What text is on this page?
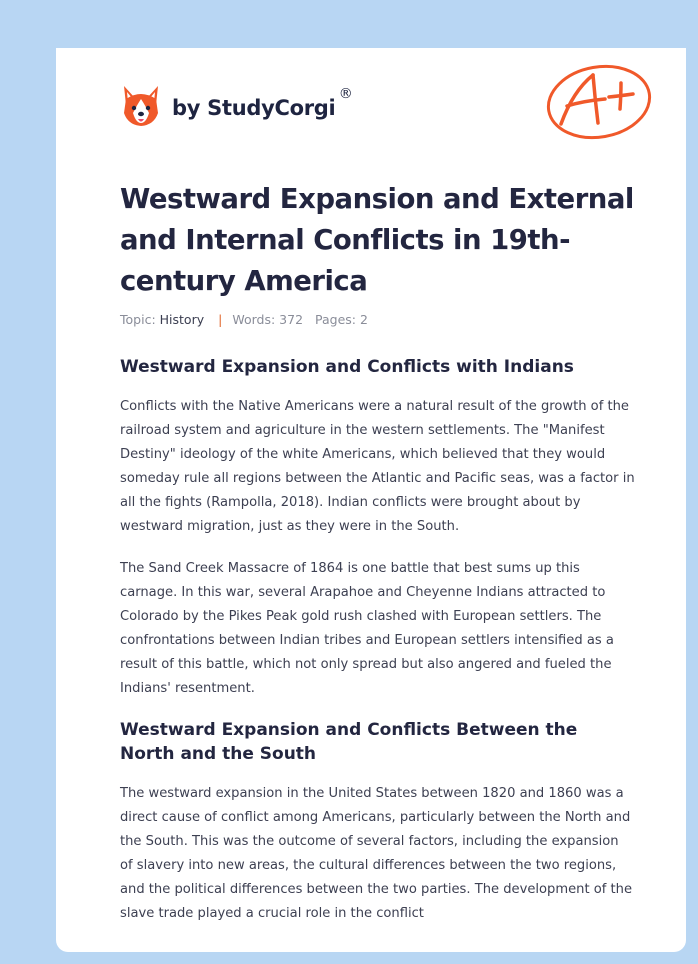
by StudyCorgi
®
Westward Expansion and External and Internal Conflicts in 19th-century America
Topic: History | Words: 372 Pages: 2
Westward Expansion and Conflicts with Indians

Conflicts with the Native Americans were a natural result of the growth of the railroad system and agriculture in the western settlements. The "Manifest Destiny" ideology of the white Americans, which believed that they would someday rule all regions between the Atlantic and Pacific seas, was a factor in all the fights (Rampolla, 2018). Indian conflicts were brought about by westward migration, just as they were in the South.

The Sand Creek Massacre of 1864 is one battle that best sums up this carnage. In this war, several Arapahoe and Cheyenne Indians attracted to Colorado by the Pikes Peak gold rush clashed with European settlers. The confrontations between Indian tribes and European settlers intensified as a result of this battle, which not only spread but also angered and fueled the Indians' resentment.

Westward Expansion and Conflicts Between the North and the South

The westward expansion in the United States between 1820 and 1860 was a direct cause of conflict among Americans, particularly between the North and the South. This was the outcome of several factors, including the expansion of slavery into new areas, the cultural differences between the two regions, and the political differences between the two parties. The development of the slave trade played a crucial role in the conflict
